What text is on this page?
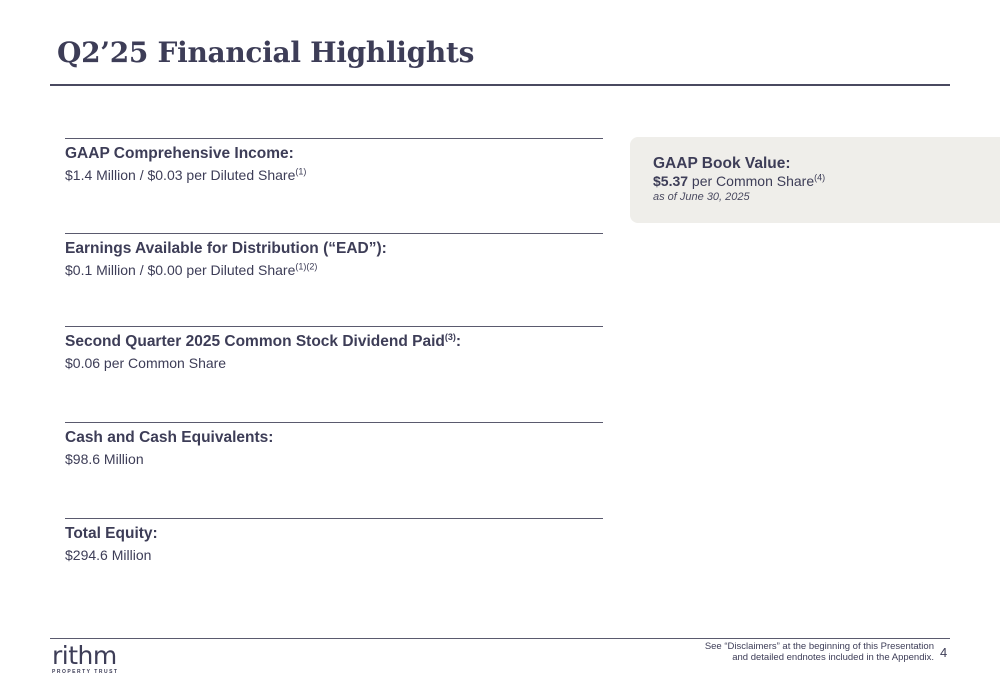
Q2’25 Financial Highlights

GAAP Comprehensive Income:

$1.4 Million / $0.03 per Diluted Share$^{(1)}$

Earnings Available for Distribution (“EAD”):

$0.1 Million / $0.00 per Diluted Share$^{(1)(2)}$

Second Quarter 2025 Common Stock Dividend Paid$^{(3)}$:

$0.06 per Common Share

Cash and Cash Equivalents:

$98.6 Million

Total Equity:

$294.6 Million

GAAP Book Value:
$5.37 per Common Share$^{(4)}$
as of June 30, 2025
rithm
PROPERTY TRUST
See “Disclaimers” at the beginning of this Presentation
and detailed endnotes included in the Appendix. 4
